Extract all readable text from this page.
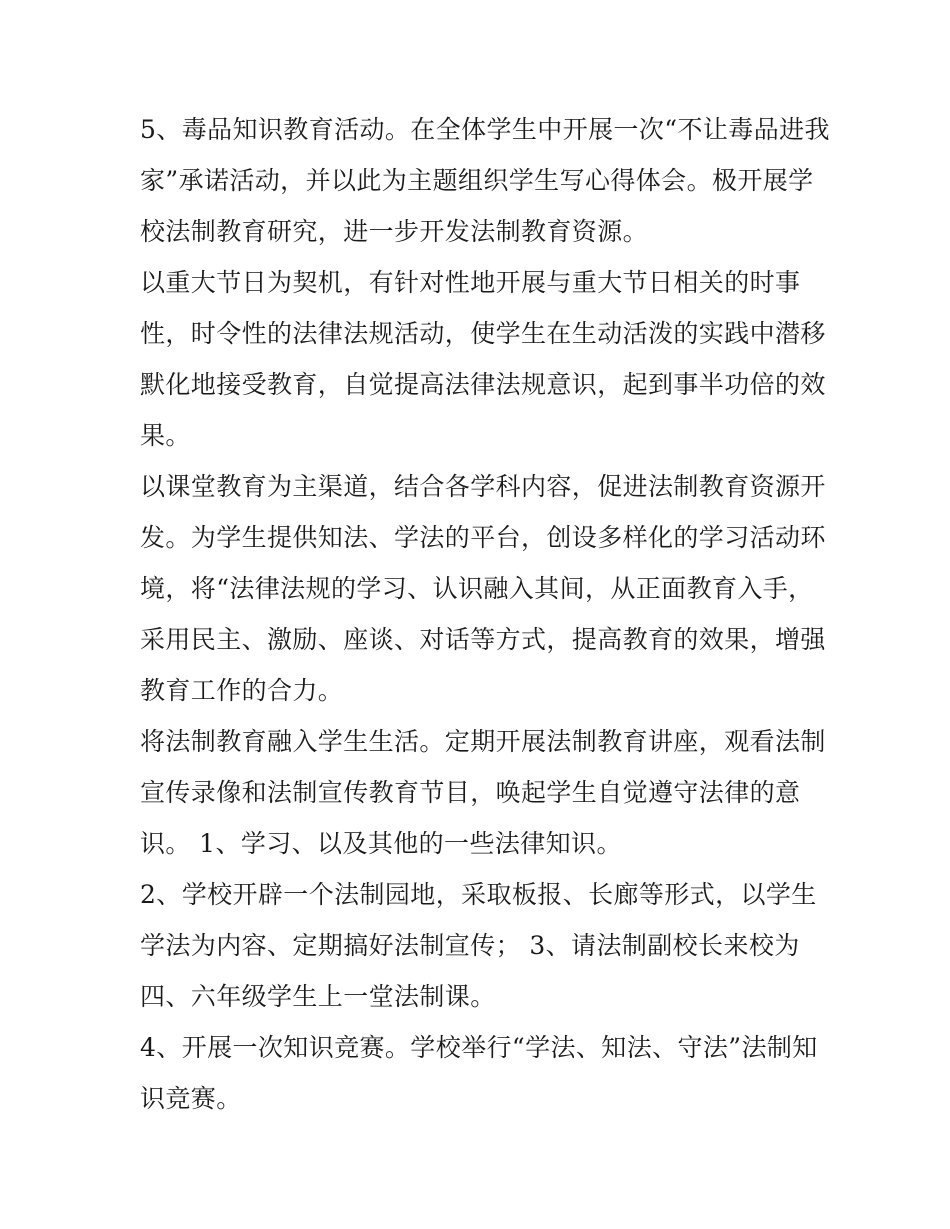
5、毒品知识教育活动。在全体学生中开展一次“不让毒品进我家”承诺活动，并以此为主题组织学生写心得体会。极开展学校法制教育研究，进一步开发法制教育资源。

以重大节日为契机，有针对性地开展与重大节日相关的时事性，时令性的法律法规活动，使学生在生动活泼的实践中潜移默化地接受教育，自觉提高法律法规意识，起到事半功倍的效果。

以课堂教育为主渠道，结合各学科内容，促进法制教育资源开发。为学生提供知法、学法的平台，创设多样化的学习活动环境，将“法律法规的学习、认识融入其间，从正面教育入手，采用民主、激励、座谈、对话等方式，提高教育的效果，增强教育工作的合力。

将法制教育融入学生生活。定期开展法制教育讲座，观看法制宣传录像和法制宣传教育节目，唤起学生自觉遵守法律的意识。 1、学习、以及其他的一些法律知识。

2、学校开辟一个法制园地，采取板报、长廊等形式，以学生学法为内容、定期搞好法制宣传； 3、请法制副校长来校为四、六年级学生上一堂法制课。

4、开展一次知识竞赛。学校举行“学法、知法、守法”法制知识竞赛。
